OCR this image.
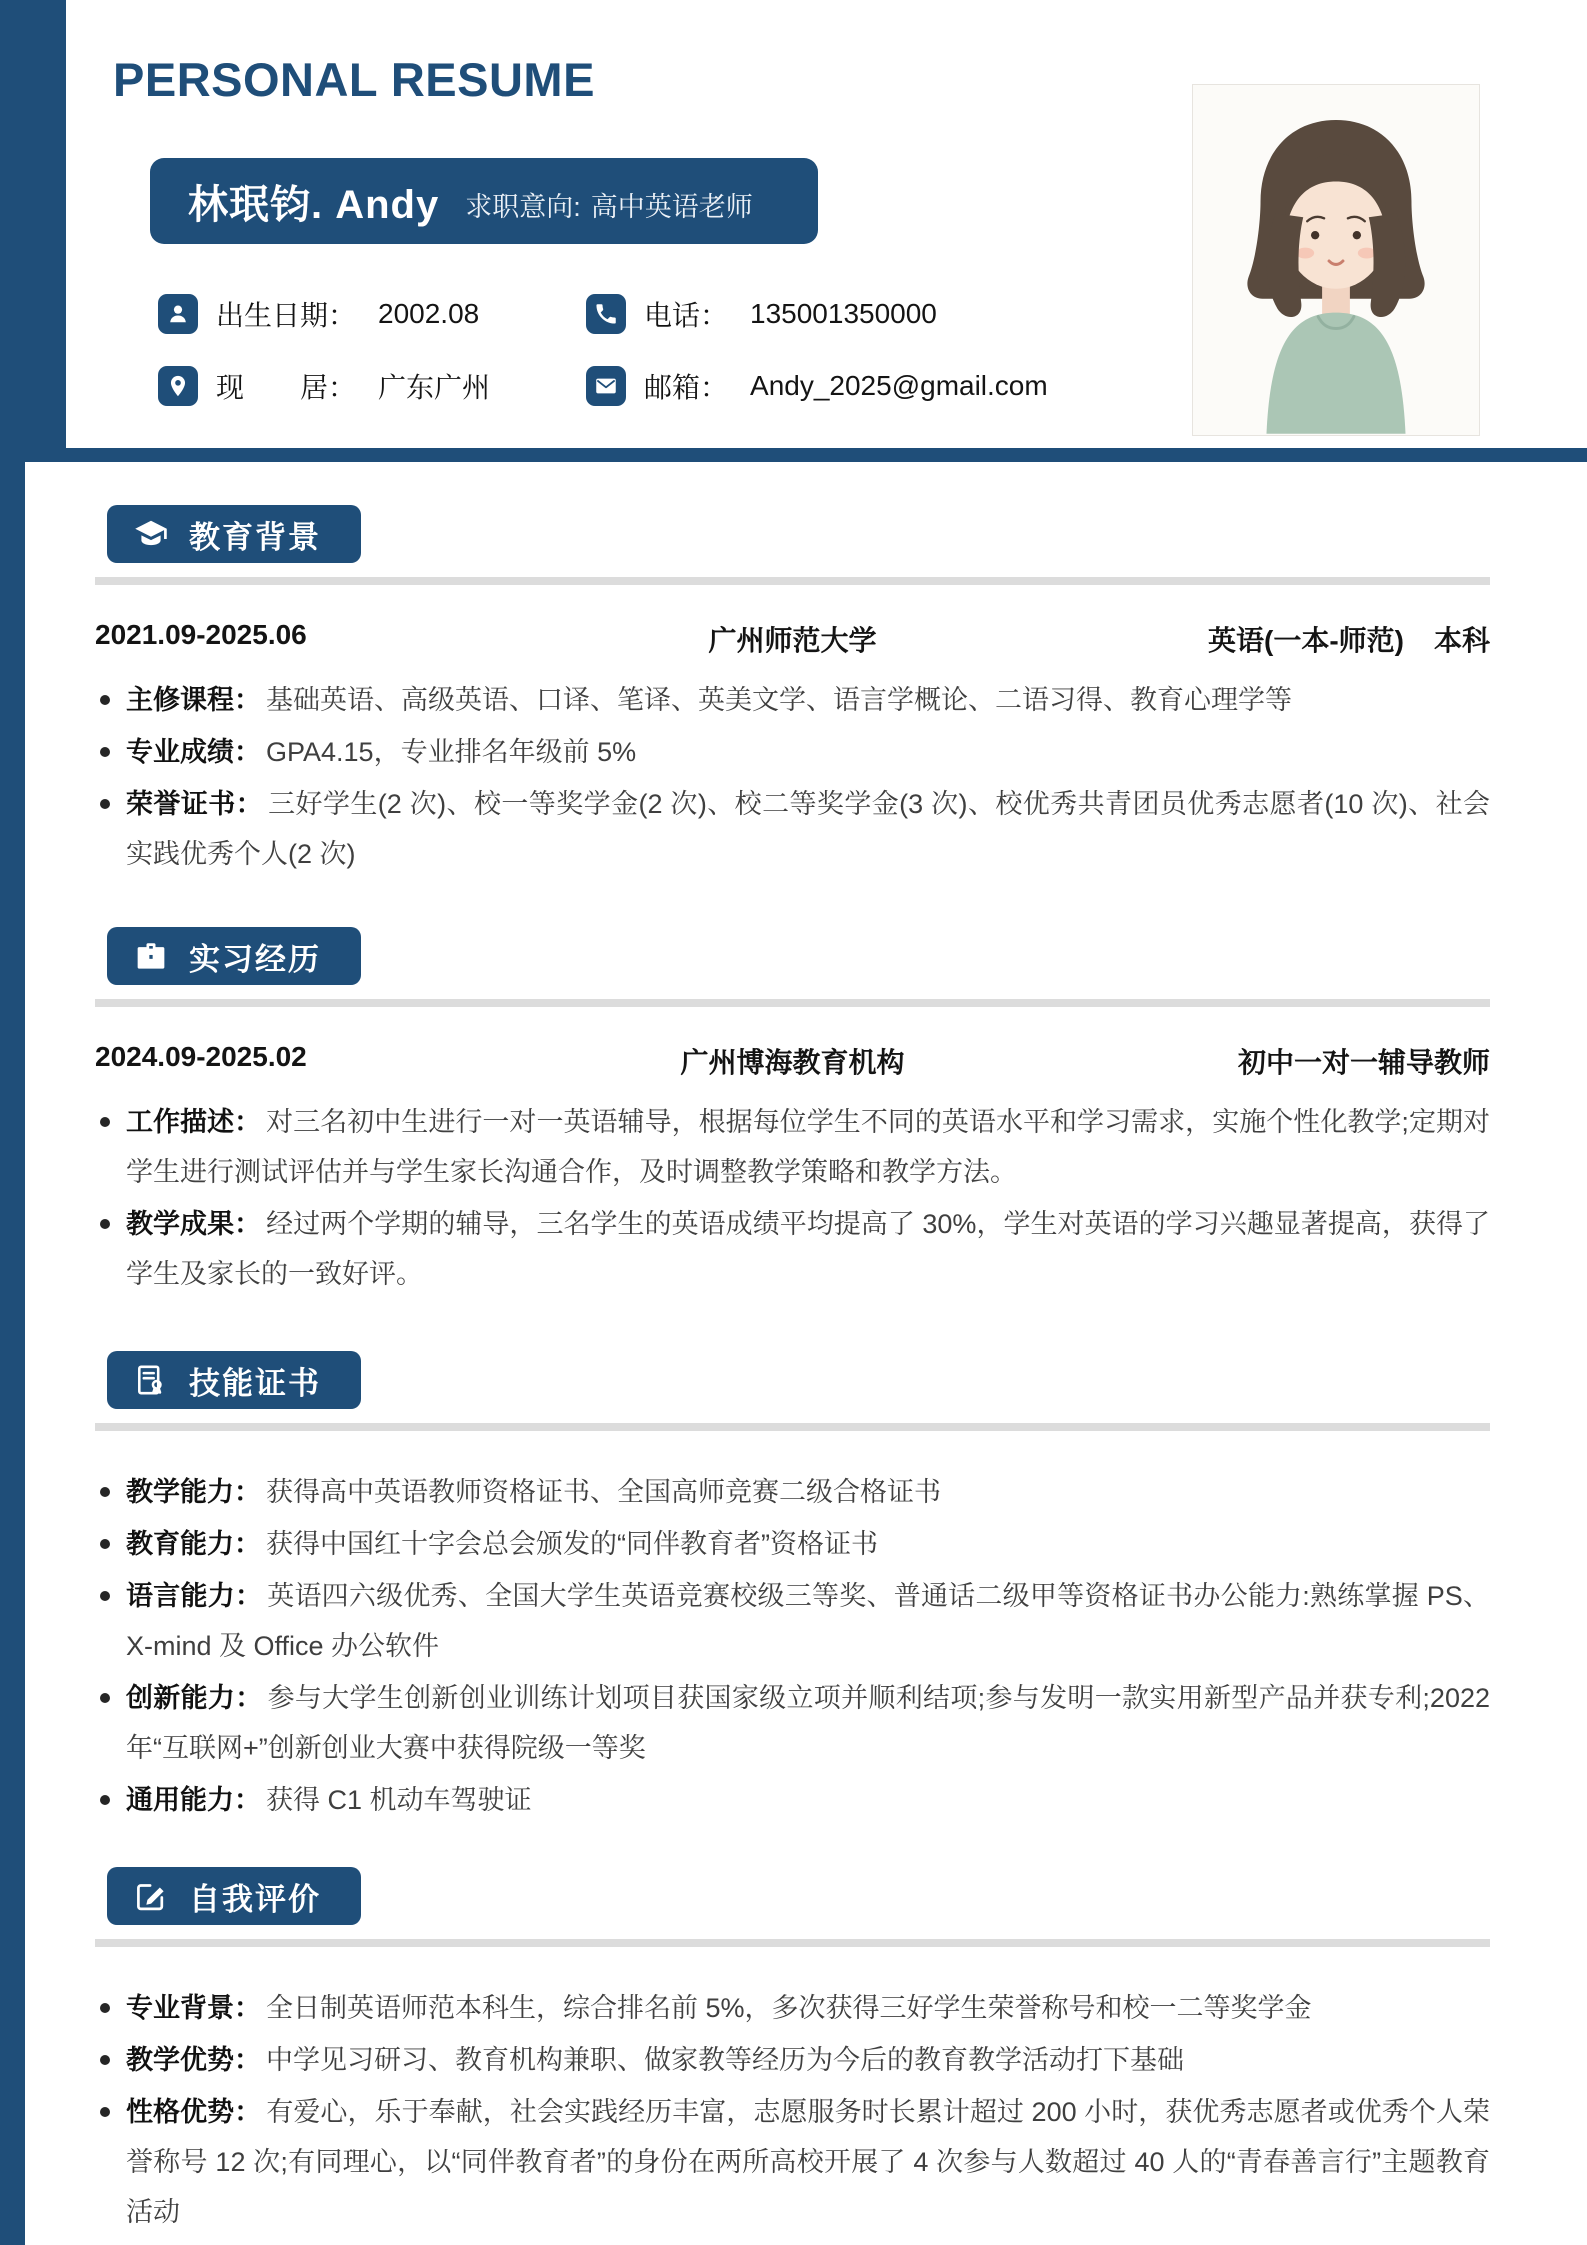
PERSONAL RESUME
林珉钧. Andy 求职意向: 高中英语老师
出生日期： 2002.08	电话： 135001350000
现　　居： 广东广州	邮箱： Andy_2025@gmail.com
教育背景
2021.09-2025.06	广州师范大学	英语(一本-师范) 本科
主修课程： 基础英语、高级英语、口译、笔译、英美文学、语言学概论、二语习得、教育心理学等
专业成绩： GPA4.15，专业排名年级前 5%
荣誉证书： 三好学生(2 次)、校一等奖学金(2 次)、校二等奖学金(3 次)、校优秀共青团员优秀志愿者(10 次)、社会实践优秀个人(2 次)
实习经历
2024.09-2025.02	广州博海教育机构	初中一对一辅导教师
工作描述： 对三名初中生进行一对一英语辅导，根据每位学生不同的英语水平和学习需求，实施个性化教学;定期对学生进行测试评估并与学生家长沟通合作，及时调整教学策略和教学方法。
教学成果： 经过两个学期的辅导，三名学生的英语成绩平均提高了 30%，学生对英语的学习兴趣显著提高，获得了学生及家长的一致好评。
技能证书
教学能力： 获得高中英语教师资格证书、全国高师竞赛二级合格证书
教育能力： 获得中国红十字会总会颁发的“同伴教育者”资格证书
语言能力： 英语四六级优秀、全国大学生英语竞赛校级三等奖、普通话二级甲等资格证书办公能力:熟练掌握 PS、X-mind 及 Office 办公软件
创新能力： 参与大学生创新创业训练计划项目获国家级立项并顺利结项;参与发明一款实用新型产品并获专利;2022 年“互联网+”创新创业大赛中获得院级一等奖
通用能力： 获得 C1 机动车驾驶证
自我评价
专业背景： 全日制英语师范本科生，综合排名前 5%，多次获得三好学生荣誉称号和校一二等奖学金
教学优势： 中学见习研习、教育机构兼职、做家教等经历为今后的教育教学活动打下基础
性格优势： 有爱心，乐于奉献，社会实践经历丰富，志愿服务时长累计超过 200 小时，获优秀志愿者或优秀个人荣誉称号 12 次;有同理心，以“同伴教育者”的身份在两所高校开展了 4 次参与人数超过 40 人的“青春善言行”主题教育活动
